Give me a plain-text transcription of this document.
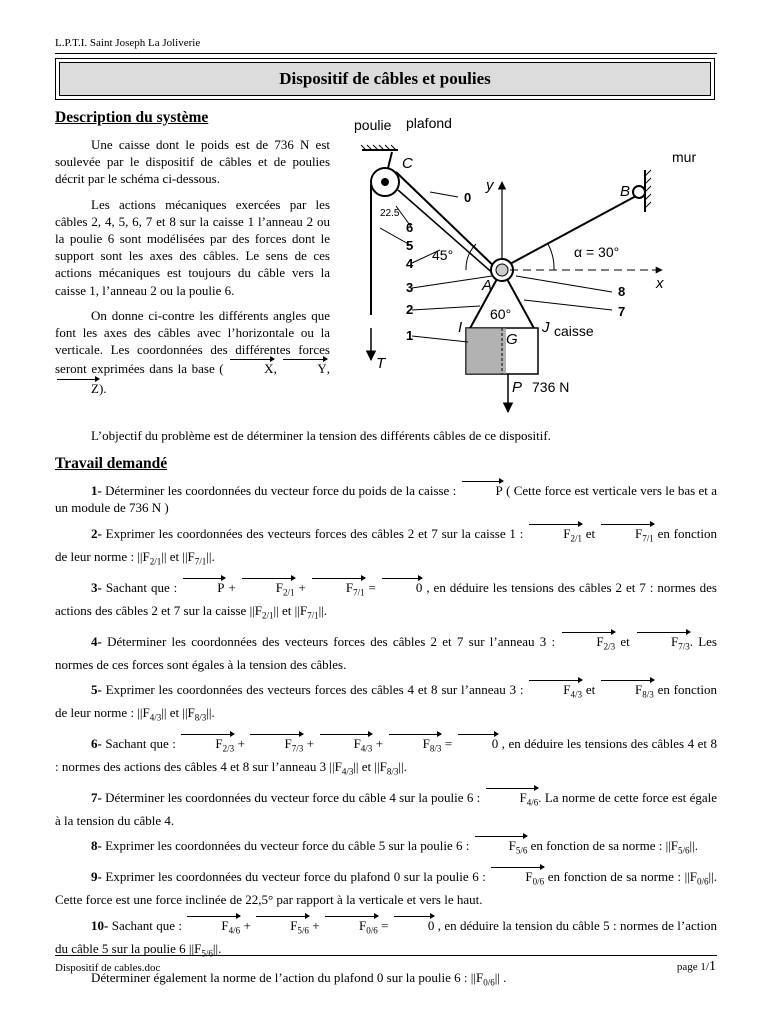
L.P.T.I. Saint Joseph La Joliverie
Dispositif de câbles et poulies
Description du système

Une caisse dont le poids est de 736 N est soulevée par le dispositif de câbles et de poulies décrit par le schéma ci-dessous.

Les actions mécaniques exercées par les câbles 2, 4, 5, 6, 7 et 8 sur la caisse 1 l’anneau 2 ou la poulie 6 sont modélisées par des forces dont le support sont les axes des câbles. Le sens de ces actions mécaniques est toujours du câble vers la caisse 1, l’anneau 2 ou la poulie 6.

On donne ci-contre les différents angles que font les axes des câbles avec l’horizontale ou la verticale. Les coordonnées des différentes forces seront exprimées dans la base (	X,	Y, Z).

poulie plafond
C
22.5
mur
B
y
x
45°	α = 30°
A
60°
I	J
G	caisse
T
P 736 N
0
6
5
4
3
2
1
8
7

L’objectif du problème est de déterminer la tension des différents câbles de ce dispositif.

Travail demandé

1- Déterminer les coordonnées du vecteur force du poids de la caisse :	P ( Cette force est verticale vers le bas et a un module de 736 N )

2- Exprimer les coordonnées des vecteurs forces des câbles 2 et 7 sur la caisse 1 :	$F_{2/1}$ et	$F_{7/1}$ en fonction de leur norme : $||F_{2/1}||$ et $||F_{7/1}||$.

3- Sachant que :	P +	$F_{2/1}$ +	$F_{7/1}$ =	0 , en déduire les tensions des câbles 2 et 7 : normes des actions des câbles 2 et 7 sur la caisse $||F_{2/1}||$ et $||F_{7/1}||$.

4- Déterminer les coordonnées des vecteurs forces des câbles 2 et 7 sur l’anneau 3 :	$F_{2/3}$ et	$F_{7/3}$. Les normes de ces forces sont égales à la tension des câbles.

5- Exprimer les coordonnées des vecteurs forces des câbles 4 et 8 sur l’anneau 3 :	$F_{4/3}$ et	$F_{8/3}$ en fonction de leur norme : $||F_{4/3}||$ et $||F_{8/3}||$.

6- Sachant que :	$F_{2/3}$ +	$F_{7/3}$ +	$F_{4/3}$ +	$F_{8/3}$ =	0 , en déduire les tensions des câbles 4 et 8 : normes des actions des câbles 4 et 8 sur l’anneau 3 $||F_{4/3}||$ et $||F_{8/3}||$.

7- Déterminer les coordonnées du vecteur force du câble 4 sur la poulie 6 :	$F_{4/6}$. La norme de cette force est égale à la tension du câble 4.

8- Exprimer les coordonnées du vecteur force du câble 5 sur la poulie 6 :	$F_{5/6}$ en fonction de sa norme : $||F_{5/6}||$.

9- Exprimer les coordonnées du vecteur force du plafond 0 sur la poulie 6 :	$F_{0/6}$ en fonction de sa norme : $||F_{0/6}||$. Cette force est une force inclinée de 22,5° par rapport à la verticale et vers le haut.

10- Sachant que :	$F_{4/6}$ +	$F_{5/6}$ +	$F_{0/6}$ =	0 , en déduire la tension du câble 5 : normes de l’action du câble 5 sur la poulie 6 $||F_{5/6}||$.

Déterminer également la norme de l’action du plafond 0 sur la poulie 6 : $||F_{0/6}||$ .

Dispositif de cables.doc	page 1/1
